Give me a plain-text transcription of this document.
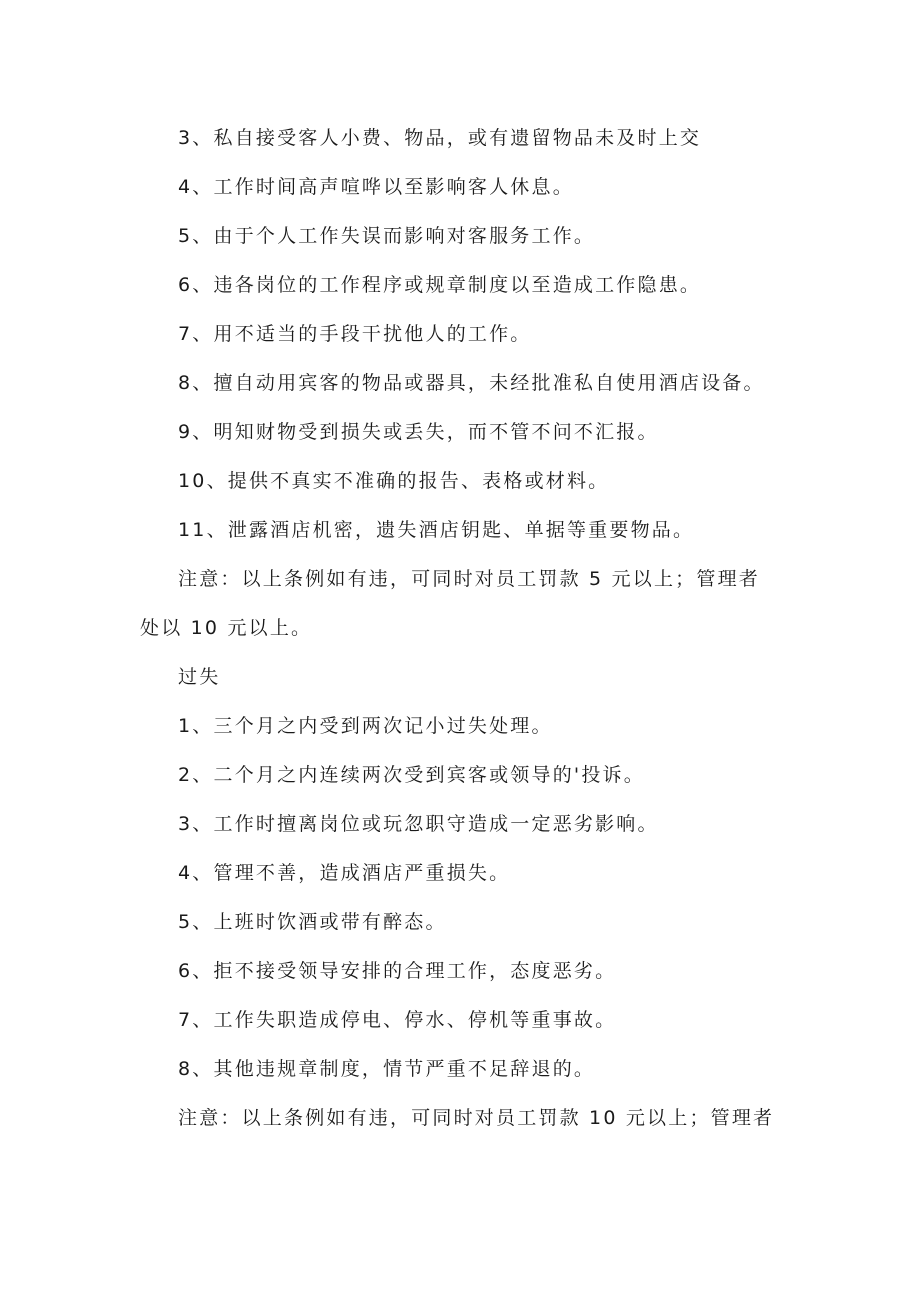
3、私自接受客人小费、物品，或有遗留物品未及时上交
4、工作时间高声喧哗以至影响客人休息。
5、由于个人工作失误而影响对客服务工作。
6、违各岗位的工作程序或规章制度以至造成工作隐患。
7、用不适当的手段干扰他人的工作。
8、擅自动用宾客的物品或器具，未经批准私自使用酒店设备。
9、明知财物受到损失或丢失，而不管不问不汇报。
10、提供不真实不准确的报告、表格或材料。
11、泄露酒店机密，遗失酒店钥匙、单据等重要物品。
注意：以上条例如有违，可同时对员工罚款 5 元以上；管理者
处以 10 元以上。
过失
1、三个月之内受到两次记小过失处理。
2、二个月之内连续两次受到宾客或领导的'投诉。
3、工作时擅离岗位或玩忽职守造成一定恶劣影响。
4、管理不善，造成酒店严重损失。
5、上班时饮酒或带有醉态。
6、拒不接受领导安排的合理工作，态度恶劣。
7、工作失职造成停电、停水、停机等重事故。
8、其他违规章制度，情节严重不足辞退的。
注意：以上条例如有违，可同时对员工罚款 10 元以上；管理者
